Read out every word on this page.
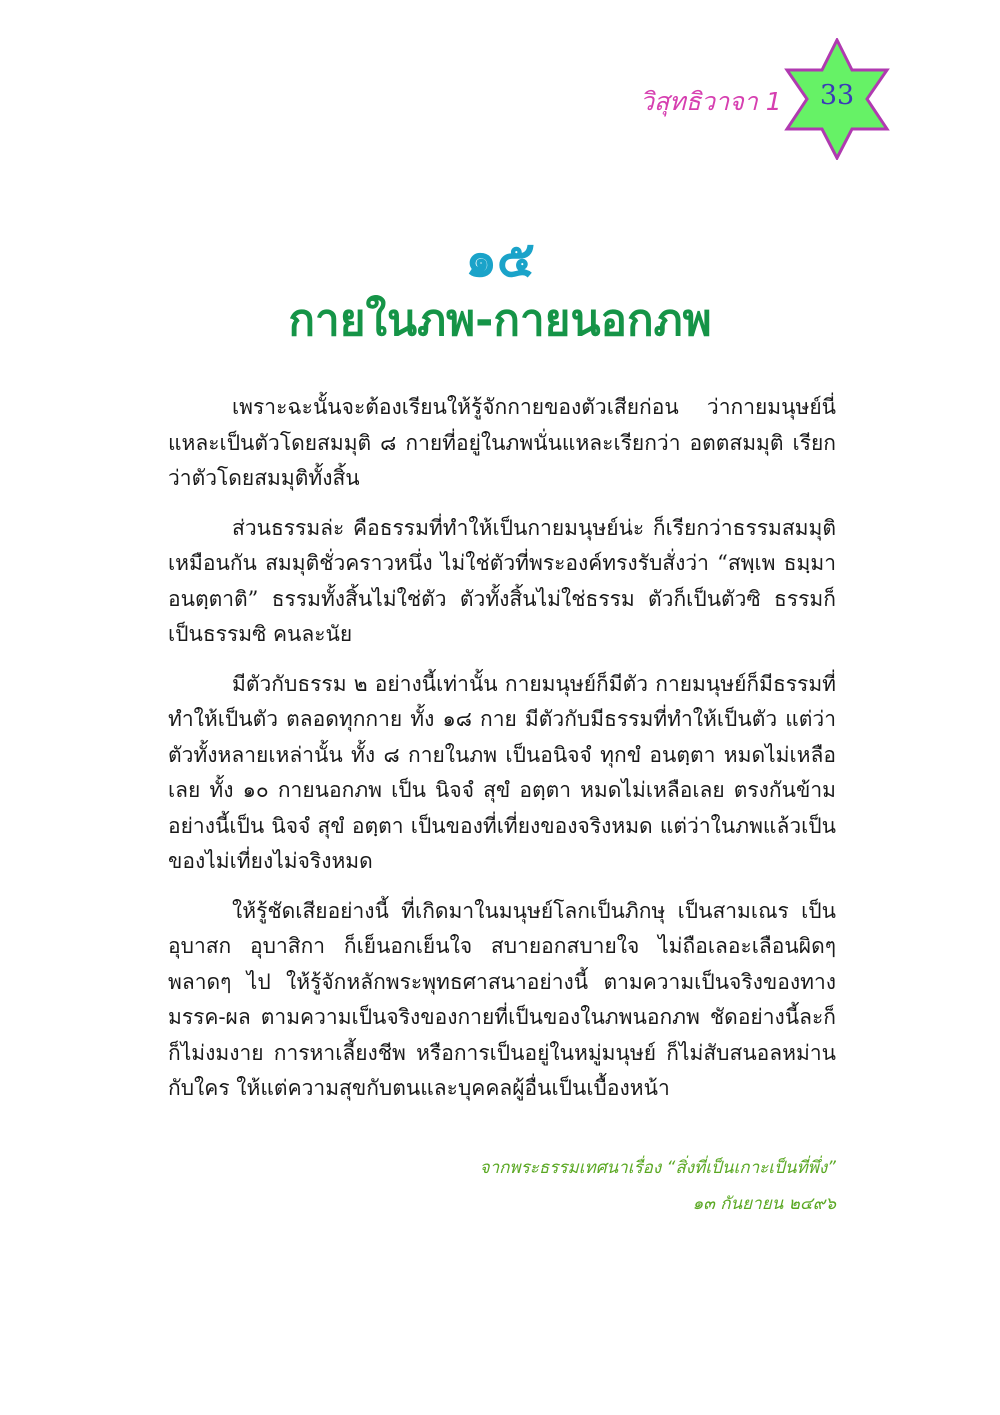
วิสุทธิวาจา 1	33
๑๕
กายในภพ-กายนอกภพ

เพราะฉะนั้นจะต้องเรียนให้รู้จักกายของตัวเสียก่อน ว่ากายมนุษย์นี่แหละเป็นตัวโดยสมมุติ ๘ กายที่อยู่ในภพนั่นแหละเรียกว่า อตตสมมุติ เรียกว่าตัวโดยสมมุติทั้งสิ้น

ส่วนธรรมล่ะ คือธรรมที่ทำให้เป็นกายมนุษย์น่ะ ก็เรียกว่าธรรมสมมุติเหมือนกัน สมมุติชั่วคราวหนึ่ง ไม่ใช่ตัวที่พระองค์ทรงรับสั่งว่า “สพฺเพ ธมฺมา อนตฺตาติ” ธรรมทั้งสิ้นไม่ใช่ตัว ตัวทั้งสิ้นไม่ใช่ธรรม ตัวก็เป็นตัวซิ ธรรมก็เป็นธรรมซิ คนละนัย

มีตัวกับธรรม ๒ อย่างนี้เท่านั้น กายมนุษย์ก็มีตัว กายมนุษย์ก็มีธรรมที่ทำให้เป็นตัว ตลอดทุกกาย ทั้ง ๑๘ กาย มีตัวกับมีธรรมที่ทำให้เป็นตัว แต่ว่าตัวทั้งหลายเหล่านั้น ทั้ง ๘ กายในภพ เป็นอนิจจํ ทุกขํ อนตฺตา หมดไม่เหลือเลย ทั้ง ๑๐ กายนอกภพ เป็น นิจจํ สุขํ อตฺตา หมดไม่เหลือเลย ตรงกันข้ามอย่างนี้เป็น นิจจํ สุขํ อตฺตา เป็นของที่เที่ยงของจริงหมด แต่ว่าในภพแล้วเป็นของไม่เที่ยงไม่จริงหมด

ให้รู้ชัดเสียอย่างนี้ ที่เกิดมาในมนุษย์โลกเป็นภิกษุ เป็นสามเณร เป็นอุบาสก อุบาสิกา ก็เย็นอกเย็นใจ สบายอกสบายใจ ไม่ถือเลอะเลือนผิดๆ พลาดๆ ไป ให้รู้จักหลักพระพุทธศาสนาอย่างนี้ ตามความเป็นจริงของทาง มรรค-ผล ตามความเป็นจริงของกายที่เป็นของในภพนอกภพ ชัดอย่างนี้ละก็ ก็ไม่งมงาย การหาเลี้ยงชีพ หรือการเป็นอยู่ในหมู่มนุษย์ ก็ไม่สับสนอลหม่านกับใคร ให้แต่ความสุขกับตนและบุคคลผู้อื่นเป็นเบื้องหน้า

จากพระธรรมเทศนาเรื่อง “สิ่งที่เป็นเกาะเป็นที่พึ่ง”
๑๓ กันยายน ๒๔๙๖
